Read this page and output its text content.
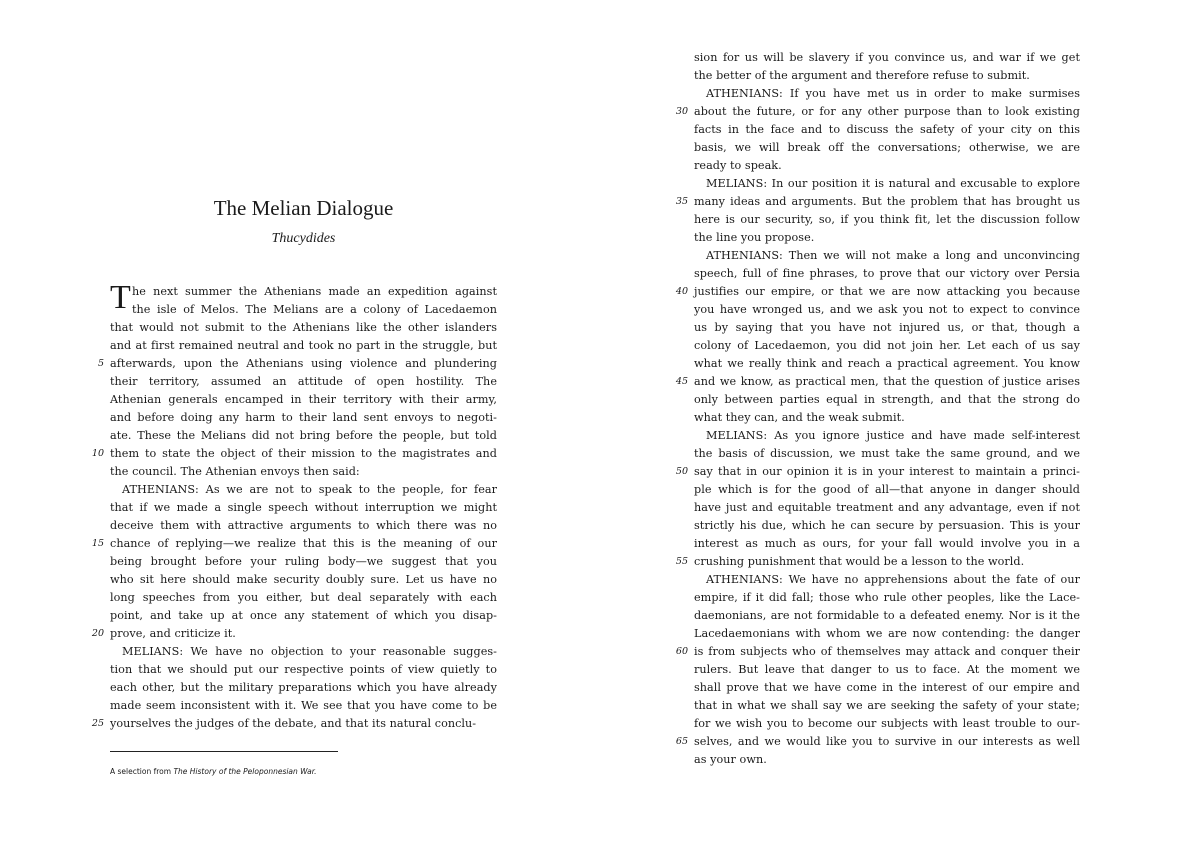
The Melian Dialogue
Thucydides
T he next summer the Athenians made an expedition against
the isle of Melos. The Melians are a colony of Lacedaemon
that would not submit to the Athenians like the other islanders
and at first remained neutral and took no part in the struggle, but
afterwards, upon the Athenians using violence and plundering
their territory, assumed an attitude of open hostility. The
Athenian generals encamped in their territory with their army,
and before doing any harm to their land sent envoys to negoti-
ate. These the Melians did not bring before the people, but told
them to state the object of their mission to the magistrates and
the council. The Athenian envoys then said:
ATHENIANS: As we are not to speak to the people, for fear
that if we made a single speech without interruption we might
deceive them with attractive arguments to which there was no
chance of replying—we realize that this is the meaning of our
being brought before your ruling body—we suggest that you
who sit here should make security doubly sure. Let us have no
long speeches from you either, but deal separately with each
point, and take up at once any statement of which you disap-
prove, and criticize it.
MELIANS: We have no objection to your reasonable sugges-
tion that we should put our respective points of view quietly to
each other, but the military preparations which you have already
made seem inconsistent with it. We see that you have come to be
yourselves the judges of the debate, and that its natural conclu-
5
10
15
20
25
A selection from The History of the Peloponnesian War.
sion for us will be slavery if you convince us, and war if we get
the better of the argument and therefore refuse to submit.
ATHENIANS: If you have met us in order to make surmises
about the future, or for any other purpose than to look existing
facts in the face and to discuss the safety of your city on this
basis, we will break off the conversations; otherwise, we are
ready to speak.
MELIANS: In our position it is natural and excusable to explore
many ideas and arguments. But the problem that has brought us
here is our security, so, if you think fit, let the discussion follow
the line you propose.
ATHENIANS: Then we will not make a long and unconvincing
speech, full of fine phrases, to prove that our victory over Persia
justifies our empire, or that we are now attacking you because
you have wronged us, and we ask you not to expect to convince
us by saying that you have not injured us, or that, though a
colony of Lacedaemon, you did not join her. Let each of us say
what we really think and reach a practical agreement. You know
and we know, as practical men, that the question of justice arises
only between parties equal in strength, and that the strong do
what they can, and the weak submit.
MELIANS: As you ignore justice and have made self-interest
the basis of discussion, we must take the same ground, and we
say that in our opinion it is in your interest to maintain a princi-
ple which is for the good of all—that anyone in danger should
have just and equitable treatment and any advantage, even if not
strictly his due, which he can secure by persuasion. This is your
interest as much as ours, for your fall would involve you in a
crushing punishment that would be a lesson to the world.
ATHENIANS: We have no apprehensions about the fate of our
empire, if it did fall; those who rule other peoples, like the Lace-
daemonians, are not formidable to a defeated enemy. Nor is it the
Lacedaemonians with whom we are now contending: the danger
is from subjects who of themselves may attack and conquer their
rulers. But leave that danger to us to face. At the moment we
shall prove that we have come in the interest of our empire and
that in what we shall say we are seeking the safety of your state;
for we wish you to become our subjects with least trouble to our-
selves, and we would like you to survive in our interests as well
as your own.
30
35
40
45
50
55
60
65
